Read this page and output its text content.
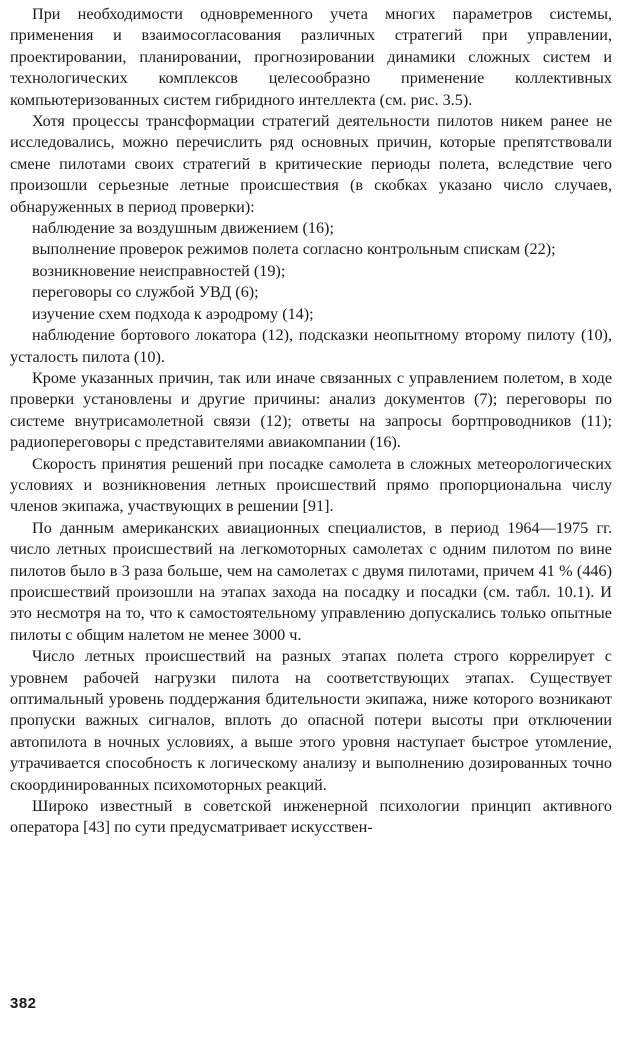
При необходимости одновременного учета многих параметров системы, применения и взаимосогласования различных стратегий при управлении, проектировании, планировании, прогнозировании динамики сложных систем и технологических комплексов целесообразно применение коллективных компьютеризованных систем гибридного интеллекта (см. рис. 3.5).

Хотя процессы трансформации стратегий деятельности пилотов никем ранее не исследовались, можно перечислить ряд основных причин, которые препятствовали смене пилотами своих стратегий в критические периоды полета, вследствие чего произошли серьезные летные происшествия (в скобках указано число случаев, обнаруженных в период проверки):

наблюдение за воздушным движением (16);

выполнение проверок режимов полета согласно контрольным спискам (22);

возникновение неисправностей (19);

переговоры со службой УВД (6);

изучение схем подхода к аэродрому (14);

наблюдение бортового локатора (12), подсказки неопытному второму пилоту (10), усталость пилота (10).

Кроме указанных причин, так или иначе связанных с управлением полетом, в ходе проверки установлены и другие причины: анализ документов (7); переговоры по системе внутрисамолетной связи (12); ответы на запросы бортпроводников (11); радиопереговоры с представителями авиакомпании (16).

Скорость принятия решений при посадке самолета в сложных метеорологических условиях и возникновения летных происшествий прямо пропорциональна числу членов экипажа, участвующих в решении [91].

По данным американских авиационных специалистов, в период 1964—1975 гг. число летных происшествий на легкомоторных самолетах с одним пилотом по вине пилотов было в 3 раза больше, чем на самолетах с двумя пилотами, причем 41 % (446) происшествий произошли на этапах захода на посадку и посадки (см. табл. 10.1). И это несмотря на то, что к самостоятельному управлению допускались только опытные пилоты с общим налетом не менее 3000 ч.

Число летных происшествий на разных этапах полета строго коррелирует с уровнем рабочей нагрузки пилота на соответствующих этапах. Существует оптимальный уровень поддержания бдительности экипажа, ниже которого возникают пропуски важных сигналов, вплоть до опасной потери высоты при отключении автопилота в ночных условиях, а выше этого уровня наступает быстрое утомление, утрачивается способность к логическому анализу и выполнению дозированных точно скоординированных психомоторных реакций.

Широко известный в советской инженерной психологии принцип активного оператора [43] по сути предусматривает искусствен-

382
